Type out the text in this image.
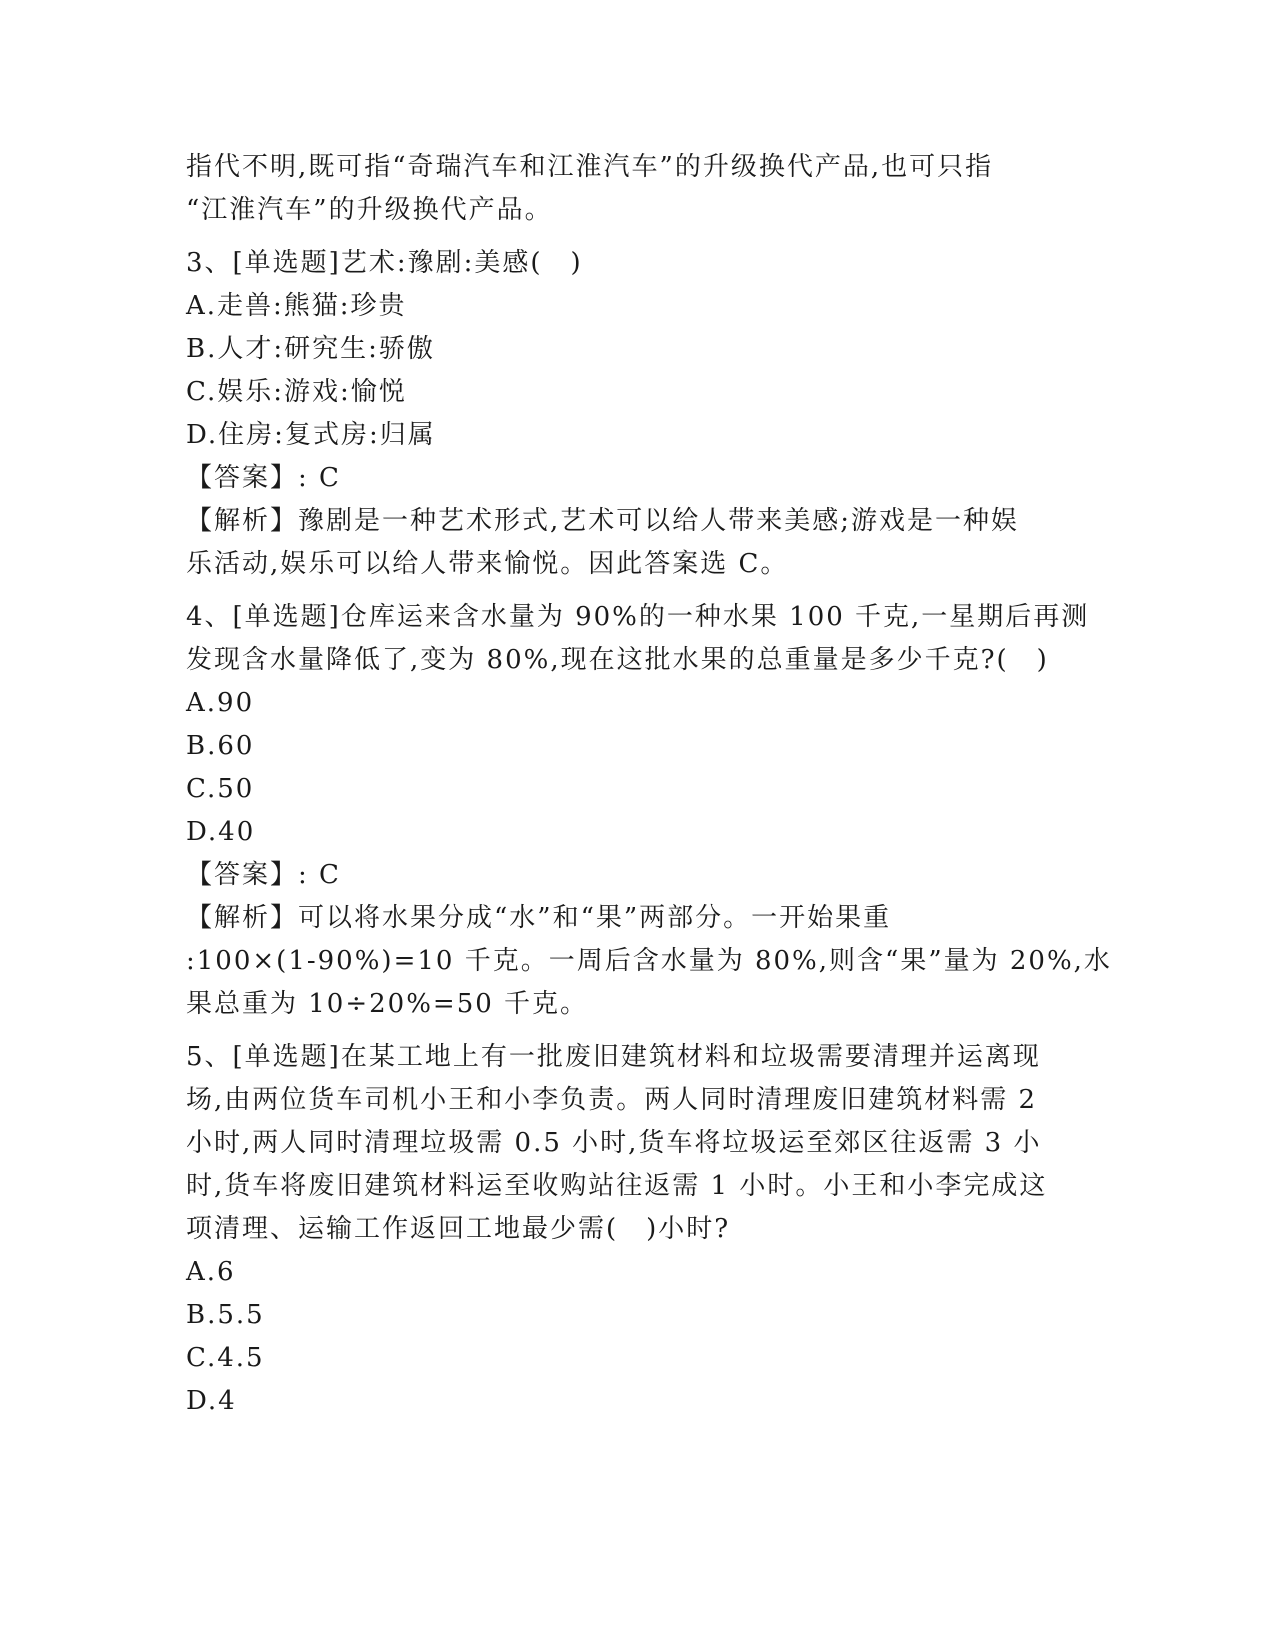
指代不明,既可指“奇瑞汽车和江淮汽车”的升级换代产品,也可只指
“江淮汽车”的升级换代产品。
3、[单选题]艺术:豫剧:美感(　)
A.走兽:熊猫:珍贵
B.人才:研究生:骄傲
C.娱乐:游戏:愉悦
D.住房:复式房:归属
【答案】: C
【解析】豫剧是一种艺术形式,艺术可以给人带来美感;游戏是一种娱
乐活动,娱乐可以给人带来愉悦。因此答案选 C。
4、[单选题]仓库运来含水量为 90%的一种水果 100 千克,一星期后再测
发现含水量降低了,变为 80%,现在这批水果的总重量是多少千克?(　)
A.90
B.60
C.50
D.40
【答案】: C
【解析】可以将水果分成“水”和“果”两部分。一开始果重
:100×(1-90%)=10 千克。一周后含水量为 80%,则含“果”量为 20%,水
果总重为 10÷20%=50 千克。
5、[单选题]在某工地上有一批废旧建筑材料和垃圾需要清理并运离现
场,由两位货车司机小王和小李负责。两人同时清理废旧建筑材料需 2
小时,两人同时清理垃圾需 0.5 小时,货车将垃圾运至郊区往返需 3 小
时,货车将废旧建筑材料运至收购站往返需 1 小时。小王和小李完成这
项清理、运输工作返回工地最少需(　)小时?
A.6
B.5.5
C.4.5
D.4
